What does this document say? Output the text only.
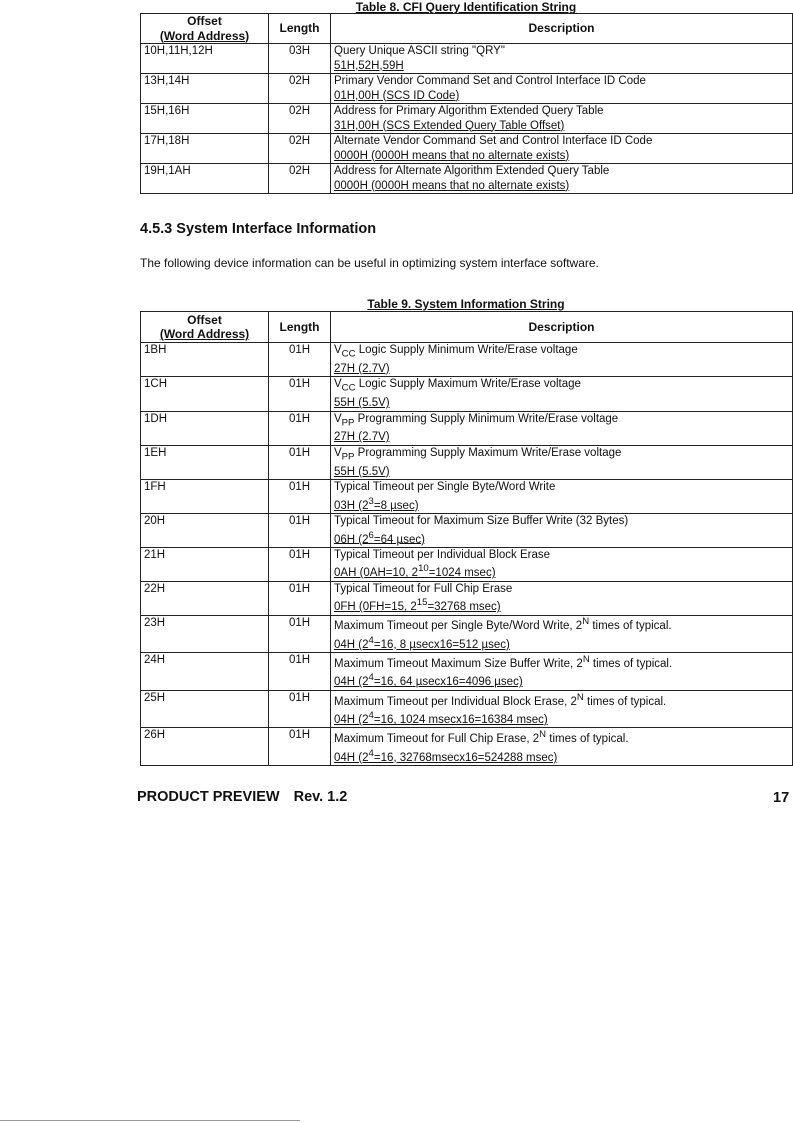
Table 8. CFI Query Identification String
Offset
(Word Address)	Length	Description
10H,11H,12H	03H	Query Unique ASCII string "QRY"
51H,52H,59H

13H,14H	02H	Primary Vendor Command Set and Control Interface ID Code
01H,00H (SCS ID Code)

15H,16H	02H	Address for Primary Algorithm Extended Query Table
31H,00H (SCS Extended Query Table Offset)

17H,18H	02H	Alternate Vendor Command Set and Control Interface ID Code
0000H (0000H means that no alternate exists)

19H,1AH	02H	Address for Alternate Algorithm Extended Query Table
0000H (0000H means that no alternate exists)
4.5.3 System Interface Information

The following device information can be useful in optimizing system interface software.

Table 9. System Information String
Offset
(Word Address)	Length	Description
1BH	01H	$V_{CC}$ Logic Supply Minimum Write/Erase voltage
27H (2.7V)

1CH	01H	$V_{CC}$ Logic Supply Maximum Write/Erase voltage
55H (5.5V)

1DH	01H	$V_{PP}$ Programming Supply Minimum Write/Erase voltage
27H (2.7V)

1EH	01H	$V_{PP}$ Programming Supply Maximum Write/Erase voltage
55H (5.5V)

1FH	01H	Typical Timeout per Single Byte/Word Write
03H ($2^3=8$ µsec)

20H	01H	Typical Timeout for Maximum Size Buffer Write (32 Bytes)
06H ($2^6=64$ µsec)

21H	01H	Typical Timeout per Individual Block Erase
0AH (0AH=10, $2^{10}=1024$ msec)

22H	01H	Typical Timeout for Full Chip Erase
0FH (0FH=15, $2^{15}=32768$ msec)

23H	01H	Maximum Timeout per Single Byte/Word Write, $2^N$ times of typical.
04H ($2^4=16$, 8 µsecx16=512 µsec)

24H	01H	Maximum Timeout Maximum Size Buffer Write, $2^N$ times of typical.
04H ($2^4=16$, 64 µsecx16=4096 µsec)

25H	01H	Maximum Timeout per Individual Block Erase, $2^N$ times of typical.
04H ($2^4=16$, 1024 msecx16=16384 msec)

26H	01H	Maximum Timeout for Full Chip Erase, $2^N$ times of typical.
04H ($2^4=16$, 32768msecx16=524288 msec)
PRODUCT PREVIEW Rev. 1.2	17
